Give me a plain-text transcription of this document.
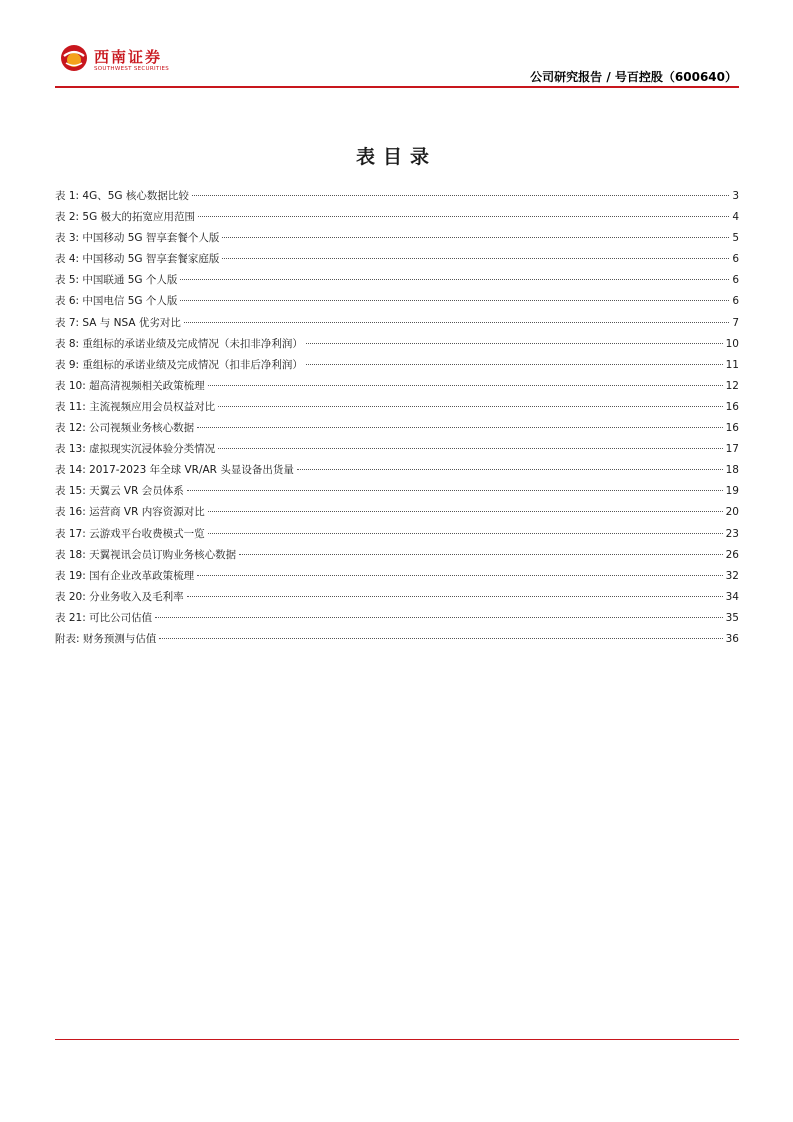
西南证券
SOUTHWEST SECURITIES
公司研究报告 / 号百控股（600640）
表目录
表 1: 4G、5G 核心数据比较	3
表 2: 5G 极大的拓宽应用范围	4
表 3: 中国移动 5G 智享套餐个人版	5
表 4: 中国移动 5G 智享套餐家庭版	6
表 5: 中国联通 5G 个人版	6
表 6: 中国电信 5G 个人版	6
表 7: SA 与 NSA 优劣对比	7
表 8: 重组标的承诺业绩及完成情况（未扣非净利润）	10
表 9: 重组标的承诺业绩及完成情况（扣非后净利润）	11
表 10: 超高清视频相关政策梳理	12
表 11: 主流视频应用会员权益对比	16
表 12: 公司视频业务核心数据	16
表 13: 虚拟现实沉浸体验分类情况	17
表 14: 2017-2023 年全球 VR/AR 头显设备出货量	18
表 15: 天翼云 VR 会员体系	19
表 16: 运营商 VR 内容资源对比	20
表 17: 云游戏平台收费模式一览	23
表 18: 天翼视讯会员订购业务核心数据	26
表 19: 国有企业改革政策梳理	32
表 20: 分业务收入及毛利率	34
表 21: 可比公司估值	35
附表: 财务预测与估值	36
